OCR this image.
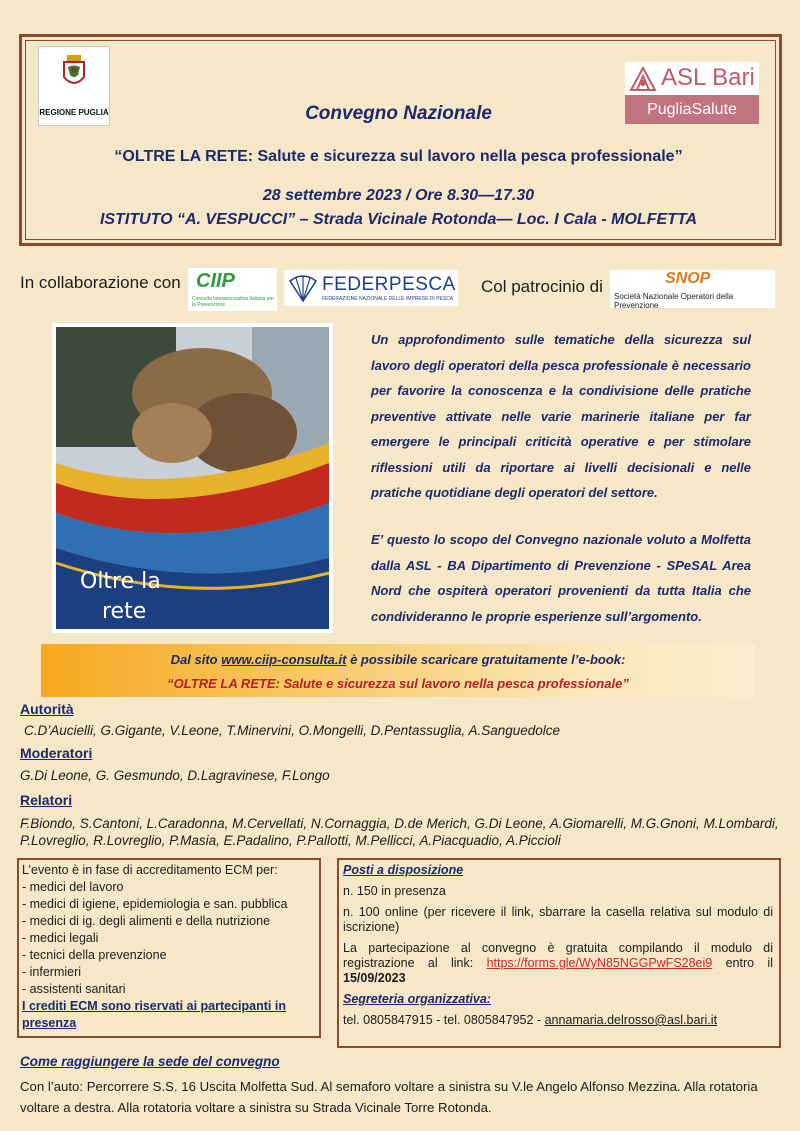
REGIONE PUGLIA
ASL Bari
PugliaSalute
Convegno Nazionale
“OLTRE LA RETE: Salute e sicurezza sul lavoro nella pesca professionale”
28 settembre 2023 / Ore 8.30—17.30
ISTITUTO “A. VESPUCCI” – Strada Vicinale Rotonda— Loc. I Cala - MOLFETTA
In collaborazione con CIIP
Consulta Interassociativa Italiana per la Prevenzione
FEDERPESCA
FEDERAZIONE NAZIONALE DELLE IMPRESE DI PESCA
Col patrocinio di	SNOP
Società Nazionale Operatori della Prevenzione
Oltre la
rete
Un approfondimento sulle tematiche della sicurezza sul lavoro degli operatori della pesca professionale è necessario per favorire la conoscenza e la condivisione delle pratiche preventive attivate nelle varie marinerie italiane per far emergere le principali criticità operative e per stimolare riflessioni utili da riportare ai livelli decisionali e nelle pratiche quotidiane degli operatori del settore.
E’ questo lo scopo del Convegno nazionale voluto a Molfetta dalla ASL - BA Dipartimento di Prevenzione - SPeSAL Area Nord che ospiterà operatori provenienti da tutta Italia che condivideranno le proprie esperienze sull’argomento.
Dal sito www.ciip-consulta.it è possibile scaricare gratuitamente l’e-book:
“OLTRE LA RETE: Salute e sicurezza sul lavoro nella pesca professionale”
Autorità
C.D’Aucielli, G.Gigante, V.Leone, T.Minervini, O.Mongelli, D.Pentassuglia, A.Sanguedolce
Moderatori
G.Di Leone, G. Gesmundo, D.Lagravinese, F.Longo
Relatori
F.Biondo, S.Cantoni, L.Caradonna, M.Cervellati, N.Cornaggia, D.de Merich, G.Di Leone, A.Giomarelli, M.G.Gnoni, M.Lombardi, P.Lovreglio, R.Lovreglio, P.Masia, E.Padalino, P.Pallotti, M.Pellicci, A.Piacquadio, A.Piccioli
L’evento è in fase di accreditamento ECM per:
- medici del lavoro
- medici di igiene, epidemiologia e san. pubblica
- medici di ig. degli alimenti e della nutrizione
- medici legali
- tecnici della prevenzione
- infermieri
- assistenti sanitari
I crediti ECM sono riservati ai partecipanti in presenza
Posti a disposizione
n. 150 in presenza
n. 100 online (per ricevere il link, sbarrare la casella relativa sul modulo di iscrizione)
La partecipazione al convegno è gratuita compilando il modulo di registrazione al link: https://forms.gle/WyN85NGGPwFS28ei9 entro il 15/09/2023
Segreteria organizzativa:
tel. 0805847915 - tel. 0805847952 - annamaria.delrosso@asl.bari.it
Come raggiungere la sede del convegno
Con l’auto: Percorrere S.S. 16 Uscita Molfetta Sud. Al semaforo voltare a sinistra su V.le Angelo Alfonso Mezzina. Alla rotatoria voltare a destra. Alla rotatoria voltare a sinistra su Strada Vicinale Torre Rotonda.
